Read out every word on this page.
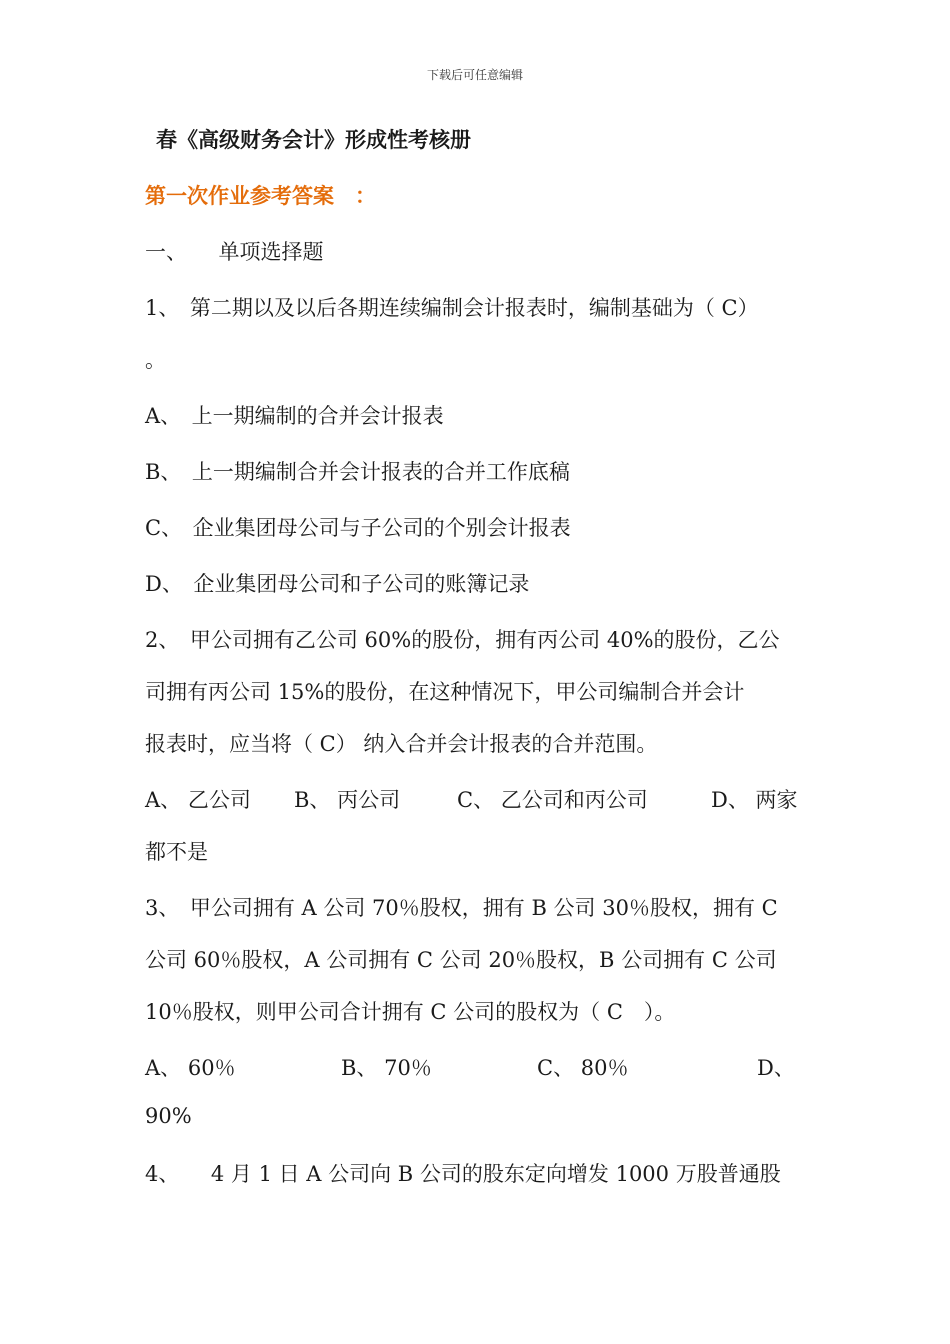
下载后可任意编辑
春《高级财务会计》形成性考核册
第一次作业参考答案　：
一、　　单项选择题
1、　第二期以及以后各期连续编制会计报表时，编制基础为（ C）
。
A、　上一期编制的合并会计报表
B、　上一期编制合并会计报表的合并工作底稿
C、　企业集团母公司与子公司的个别会计报表
D、　企业集团母公司和子公司的账簿记录
2、　甲公司拥有乙公司 60%的股份，拥有丙公司 40%的股份，乙公
司拥有丙公司 15%的股份，在这种情况下，甲公司编制合并会计
报表时，应当将（ C） 纳入合并会计报表的合并范围。
A、 乙公司 B、 丙公司	C、 乙公司和丙公司	D、 两家
都不是
3、　甲公司拥有 A 公司 70％股权，拥有 B 公司 30％股权，拥有 C
公司 60％股权，A 公司拥有 C 公司 20％股权，B 公司拥有 C 公司
10％股权，则甲公司合计拥有 C 公司的股权为（ C　）。
A、 60％	B、 70％	C、 80％	D、
90%
4、　　4 月 1 日 A 公司向 B 公司的股东定向增发 1000 万股普通股
